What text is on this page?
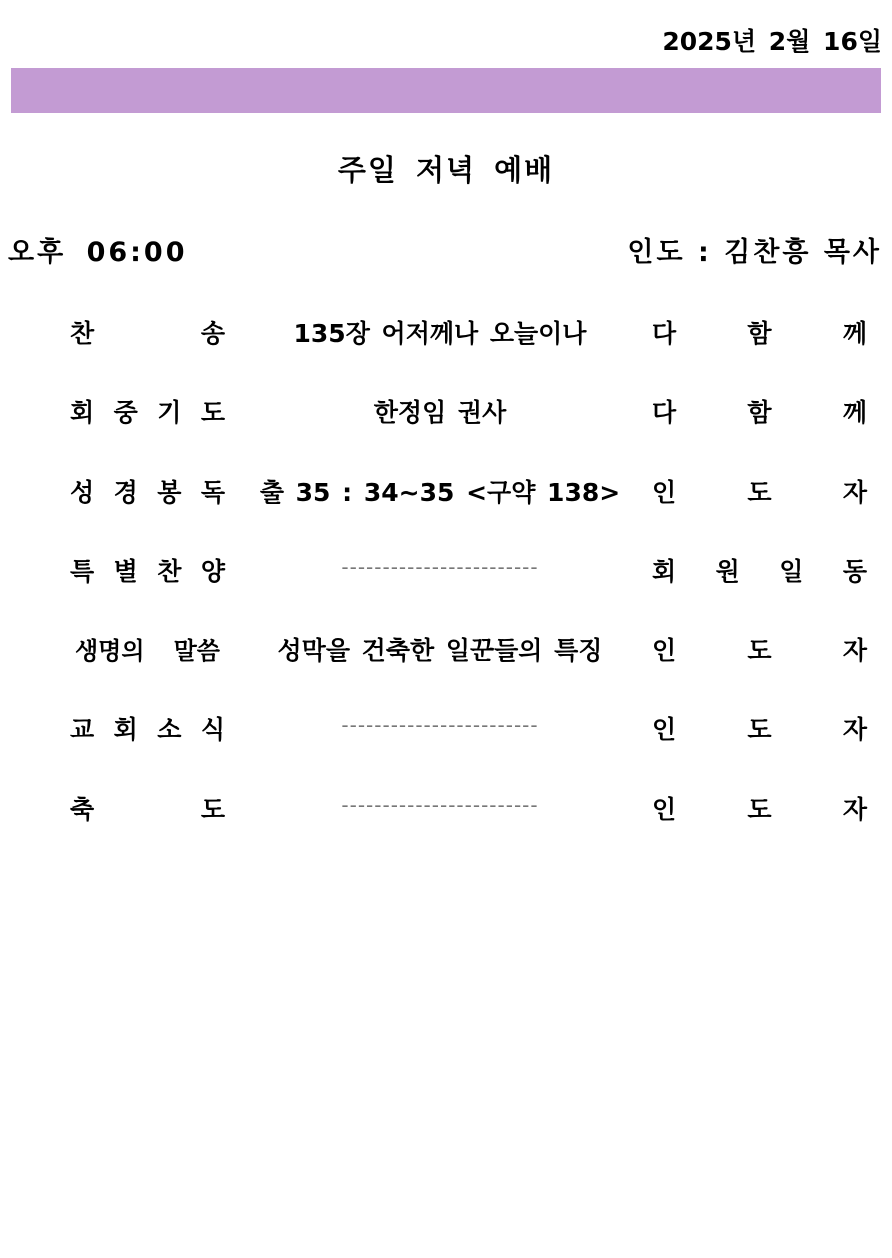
2025년 2월 16일
주일 저녁 예배
오후 06:00	인도 : 김찬흥 목사
찬 송	135장 어저께나 오늘이나	다 함 께
회 중 기 도	한정임 권사	다 함 께
성 경 봉 독	출 35 : 34~35 <구약 138>	인 도 자
특 별 찬 양	------------------------	회 원 일 동
생명의 말씀	성막을 건축한 일꾼들의 특징	인 도 자
교 회 소 식	------------------------	인 도 자
축 도	------------------------	인 도 자
